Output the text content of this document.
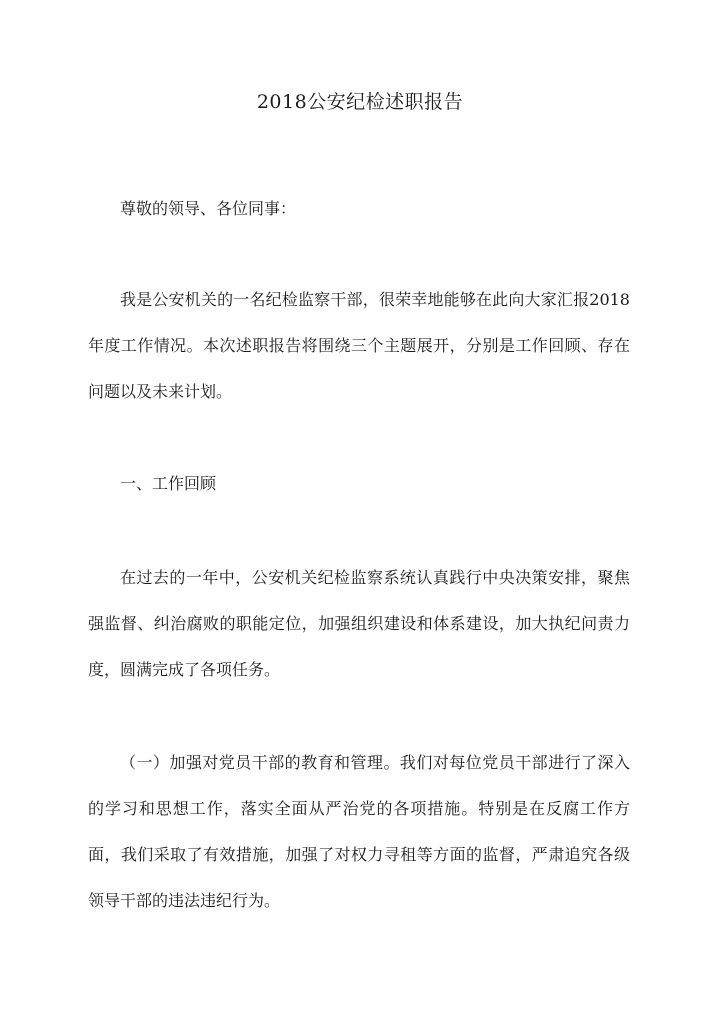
2018公安纪检述职报告

尊敬的领导、各位同事：

我是公安机关的一名纪检监察干部，很荣幸地能够在此向大家汇报2018年度工作情况。本次述职报告将围绕三个主题展开，分别是工作回顾、存在问题以及未来计划。

一、工作回顾

在过去的一年中，公安机关纪检监察系统认真践行中央决策安排，聚焦强监督、纠治腐败的职能定位，加强组织建设和体系建设，加大执纪问责力度，圆满完成了各项任务。

（一）加强对党员干部的教育和管理。我们对每位党员干部进行了深入的学习和思想工作，落实全面从严治党的各项措施。特别是在反腐工作方面，我们采取了有效措施，加强了对权力寻租等方面的监督，严肃追究各级领导干部的违法违纪行为。
